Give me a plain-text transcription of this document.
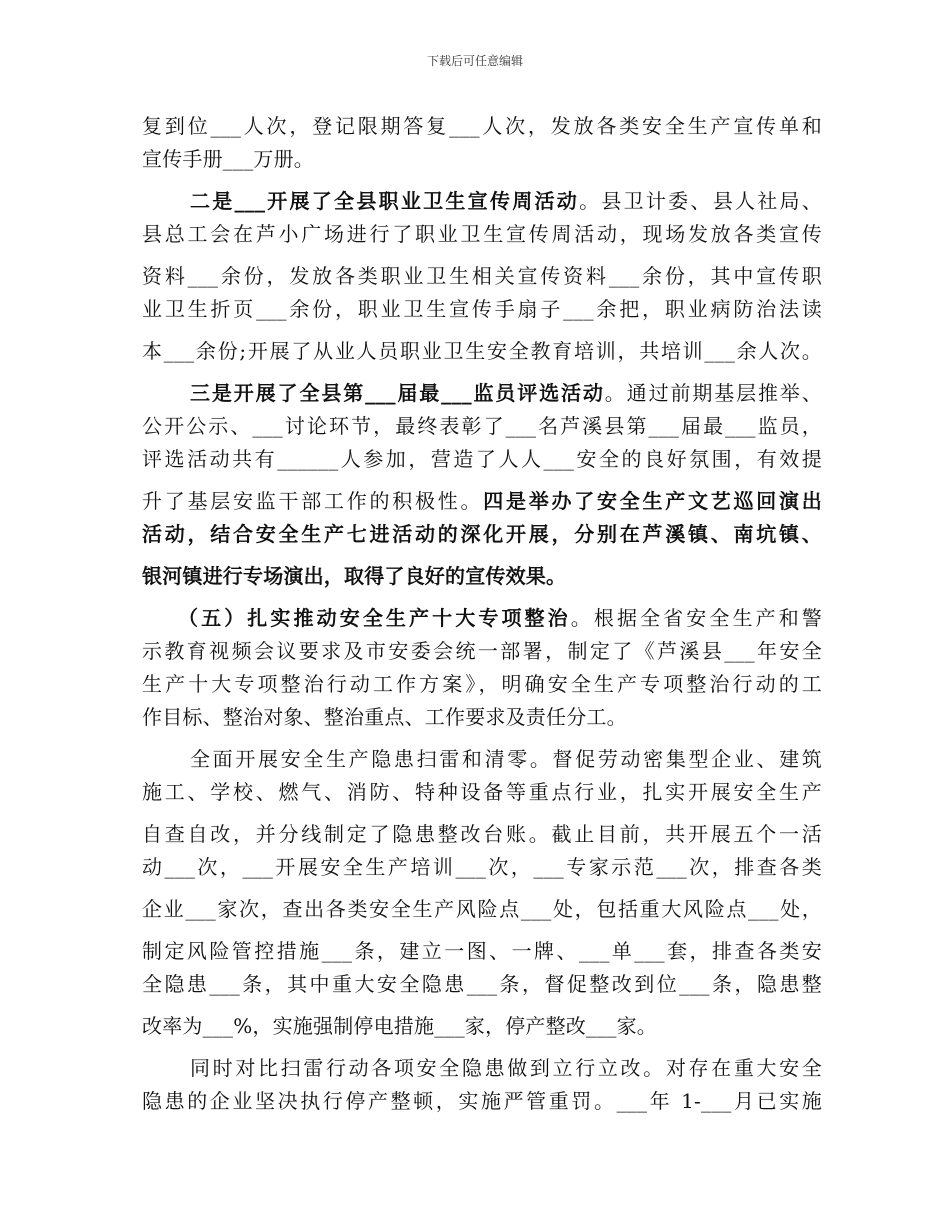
下载后可任意编辑
复到位___人次，登记限期答复___人次，发放各类安全生产宣传单和
宣传手册___万册。
二是___开展了全县职业卫生宣传周活动。县卫计委、县人社局、
县总工会在芦小广场进行了职业卫生宣传周活动，现场发放各类宣传
资料___余份，发放各类职业卫生相关宣传资料___余份，其中宣传职
业卫生折页___余份，职业卫生宣传手扇子___余把，职业病防治法读
本___余份;开展了从业人员职业卫生安全教育培训，共培训___余人次。
三是开展了全县第___届最___监员评选活动。通过前期基层推举、
公开公示、___讨论环节，最终表彰了___名芦溪县第___届最___监员，
评选活动共有______人参加，营造了人人___安全的良好氛围，有效提
升了基层安监干部工作的积极性。四是举办了安全生产文艺巡回演出
活动，结合安全生产七进活动的深化开展，分别在芦溪镇、南坑镇、
银河镇进行专场演出，取得了良好的宣传效果。
（五）扎实推动安全生产十大专项整治。根据全省安全生产和警
示教育视频会议要求及市安委会统一部署，制定了《芦溪县___年安全
生产十大专项整治行动工作方案》，明确安全生产专项整治行动的工
作目标、整治对象、整治重点、工作要求及责任分工。
全面开展安全生产隐患扫雷和清零。督促劳动密集型企业、建筑
施工、学校、燃气、消防、特种设备等重点行业，扎实开展安全生产
自查自改，并分线制定了隐患整改台账。截止目前，共开展五个一活
动___次，___开展安全生产培训___次，___专家示范___次，排查各类
企业___家次，查出各类安全生产风险点___处，包括重大风险点___处，
制定风险管控措施___条，建立一图、一牌、___单___套，排查各类安
全隐患___条，其中重大安全隐患___条，督促整改到位___条，隐患整
改率为___%，实施强制停电措施___家，停产整改___家。
同时对比扫雷行动各项安全隐患做到立行立改。对存在重大安全
隐患的企业坚决执行停产整顿，实施严管重罚。___年 1-___月已实施
